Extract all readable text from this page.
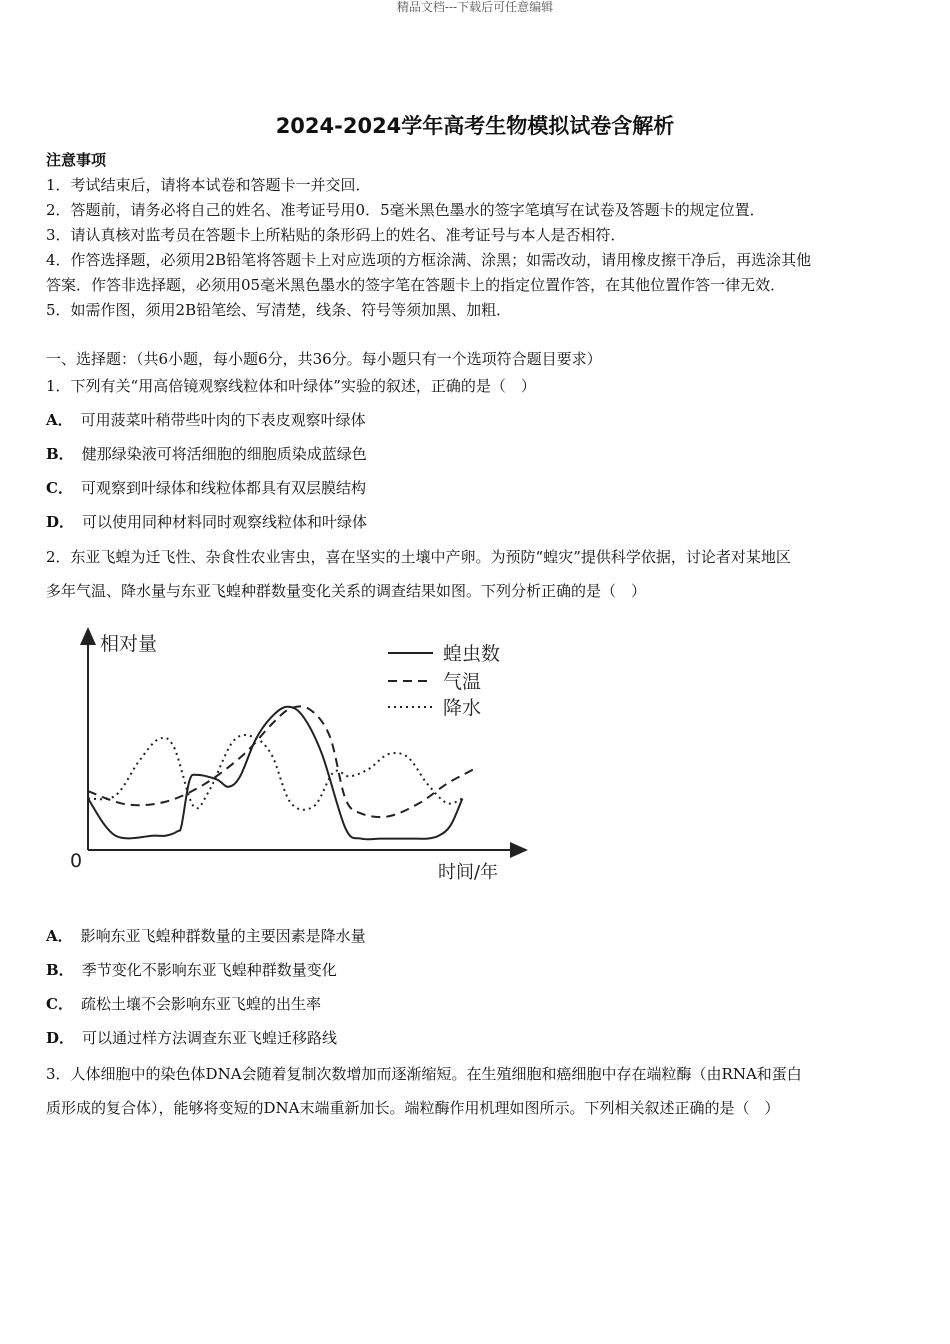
精品文档---下载后可任意编辑
2024-2024学年高考生物模拟试卷含解析
注意事项
1．考试结束后，请将本试卷和答题卡一并交回．
2．答题前，请务必将自己的姓名、准考证号用0．5毫米黑色墨水的签字笔填写在试卷及答题卡的规定位置．
3．请认真核对监考员在答题卡上所粘贴的条形码上的姓名、准考证号与本人是否相符．
4．作答选择题，必须用2B铅笔将答题卡上对应选项的方框涂满、涂黑；如需改动，请用橡皮擦干净后，再选涂其他
答案．作答非选择题，必须用05毫米黑色墨水的签字笔在答题卡上的指定位置作答，在其他位置作答一律无效．
5．如需作图，须用2B铅笔绘、写清楚，线条、符号等须加黑、加粗．
一、选择题：（共6小题，每小题6分，共36分。每小题只有一个选项符合题目要求）
1．下列有关“用高倍镜观察线粒体和叶绿体”实验的叙述，正确的是（　）
A． 可用菠菜叶稍带些叶肉的下表皮观察叶绿体
B． 健那绿染液可将活细胞的细胞质染成蓝绿色
C． 可观察到叶绿体和线粒体都具有双层膜结构
D． 可以使用同种材料同时观察线粒体和叶绿体
2．东亚飞蝗为迁飞性、杂食性农业害虫，喜在坚实的土壤中产卵。为预防“蝗灾”提供科学依据，讨论者对某地区
多年气温、降水量与东亚飞蝗种群数量变化关系的调查结果如图。下列分析正确的是（　）
相对量
0
时间/年
蝗虫数
气温
降水
A． 影响东亚飞蝗种群数量的主要因素是降水量
B． 季节变化不影响东亚飞蝗种群数量变化
C． 疏松土壤不会影响东亚飞蝗的出生率
D． 可以通过样方法调查东亚飞蝗迁移路线
3．人体细胞中的染色体DNA会随着复制次数增加而逐渐缩短。在生殖细胞和癌细胞中存在端粒酶（由RNA和蛋白
质形成的复合体），能够将变短的DNA末端重新加长。端粒酶作用机理如图所示。下列相关叙述正确的是（　）
